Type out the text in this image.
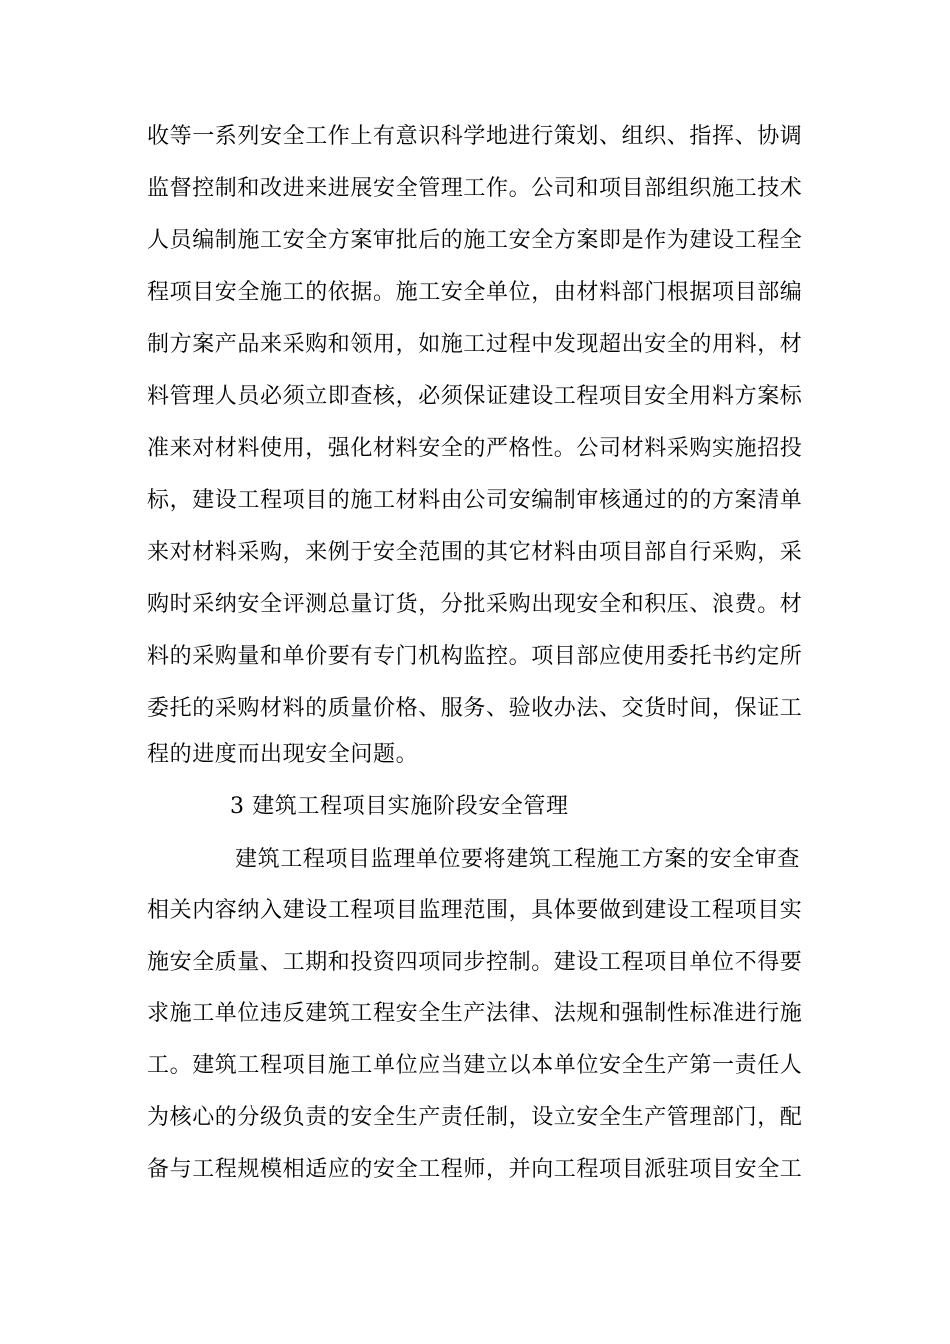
收等一系列安全工作上有意识科学地进行策划、组织、指挥、协调
监督控制和改进来进展安全管理工作。公司和项目部组织施工技术
人员编制施工安全方案审批后的施工安全方案即是作为建设工程全
程项目安全施工的依据。施工安全单位，由材料部门根据项目部编
制方案产品来采购和领用，如施工过程中发现超出安全的用料，材
料管理人员必须立即查核，必须保证建设工程项目安全用料方案标
准来对材料使用，强化材料安全的严格性。公司材料采购实施招投
标，建设工程项目的施工材料由公司安编制审核通过的的方案清单
来对材料采购，来例于安全范围的其它材料由项目部自行采购，采
购时采纳安全评测总量订货，分批采购出现安全和积压、浪费。材
料的采购量和单价要有专门机构监控。项目部应使用委托书约定所
委托的采购材料的质量价格、服务、验收办法、交货时间，保证工
程的进度而出现安全问题。
3 建筑工程项目实施阶段安全管理
建筑工程项目监理单位要将建筑工程施工方案的安全审查
相关内容纳入建设工程项目监理范围，具体要做到建设工程项目实
施安全质量、工期和投资四项同步控制。建设工程项目单位不得要
求施工单位违反建筑工程安全生产法律、法规和强制性标准进行施
工。建筑工程项目施工单位应当建立以本单位安全生产第一责任人
为核心的分级负责的安全生产责任制，设立安全生产管理部门，配
备与工程规模相适应的安全工程师，并向工程项目派驻项目安全工
